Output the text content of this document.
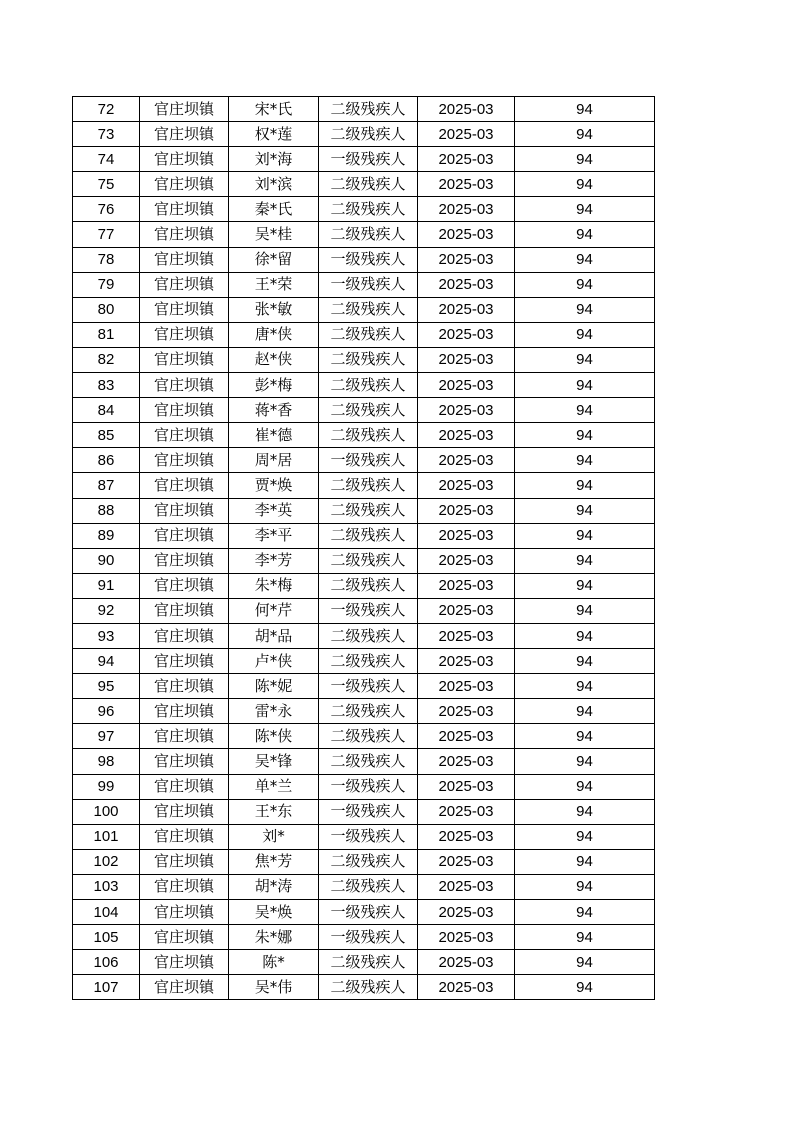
72	官庄坝镇	宋*氏	二级残疾人	2025-03	94
73	官庄坝镇	权*莲	二级残疾人	2025-03	94
74	官庄坝镇	刘*海	一级残疾人	2025-03	94
75	官庄坝镇	刘*滨	二级残疾人	2025-03	94
76	官庄坝镇	秦*氏	二级残疾人	2025-03	94
77	官庄坝镇	吴*桂	二级残疾人	2025-03	94
78	官庄坝镇	徐*留	一级残疾人	2025-03	94
79	官庄坝镇	王*荣	一级残疾人	2025-03	94
80	官庄坝镇	张*敏	二级残疾人	2025-03	94
81	官庄坝镇	唐*侠	二级残疾人	2025-03	94
82	官庄坝镇	赵*侠	二级残疾人	2025-03	94
83	官庄坝镇	彭*梅	二级残疾人	2025-03	94
84	官庄坝镇	蒋*香	二级残疾人	2025-03	94
85	官庄坝镇	崔*德	二级残疾人	2025-03	94
86	官庄坝镇	周*居	一级残疾人	2025-03	94
87	官庄坝镇	贾*焕	二级残疾人	2025-03	94
88	官庄坝镇	李*英	二级残疾人	2025-03	94
89	官庄坝镇	李*平	二级残疾人	2025-03	94
90	官庄坝镇	李*芳	二级残疾人	2025-03	94
91	官庄坝镇	朱*梅	二级残疾人	2025-03	94
92	官庄坝镇	何*芹	一级残疾人	2025-03	94
93	官庄坝镇	胡*品	二级残疾人	2025-03	94
94	官庄坝镇	卢*侠	二级残疾人	2025-03	94
95	官庄坝镇	陈*妮	一级残疾人	2025-03	94
96	官庄坝镇	雷*永	二级残疾人	2025-03	94
97	官庄坝镇	陈*侠	二级残疾人	2025-03	94
98	官庄坝镇	吴*锋	二级残疾人	2025-03	94
99	官庄坝镇	单*兰	一级残疾人	2025-03	94
100	官庄坝镇	王*东	一级残疾人	2025-03	94
101	官庄坝镇	刘*	一级残疾人	2025-03	94
102	官庄坝镇	焦*芳	二级残疾人	2025-03	94
103	官庄坝镇	胡*涛	二级残疾人	2025-03	94
104	官庄坝镇	吴*焕	一级残疾人	2025-03	94
105	官庄坝镇	朱*娜	一级残疾人	2025-03	94
106	官庄坝镇	陈*	二级残疾人	2025-03	94
107	官庄坝镇	吴*伟	二级残疾人	2025-03	94
